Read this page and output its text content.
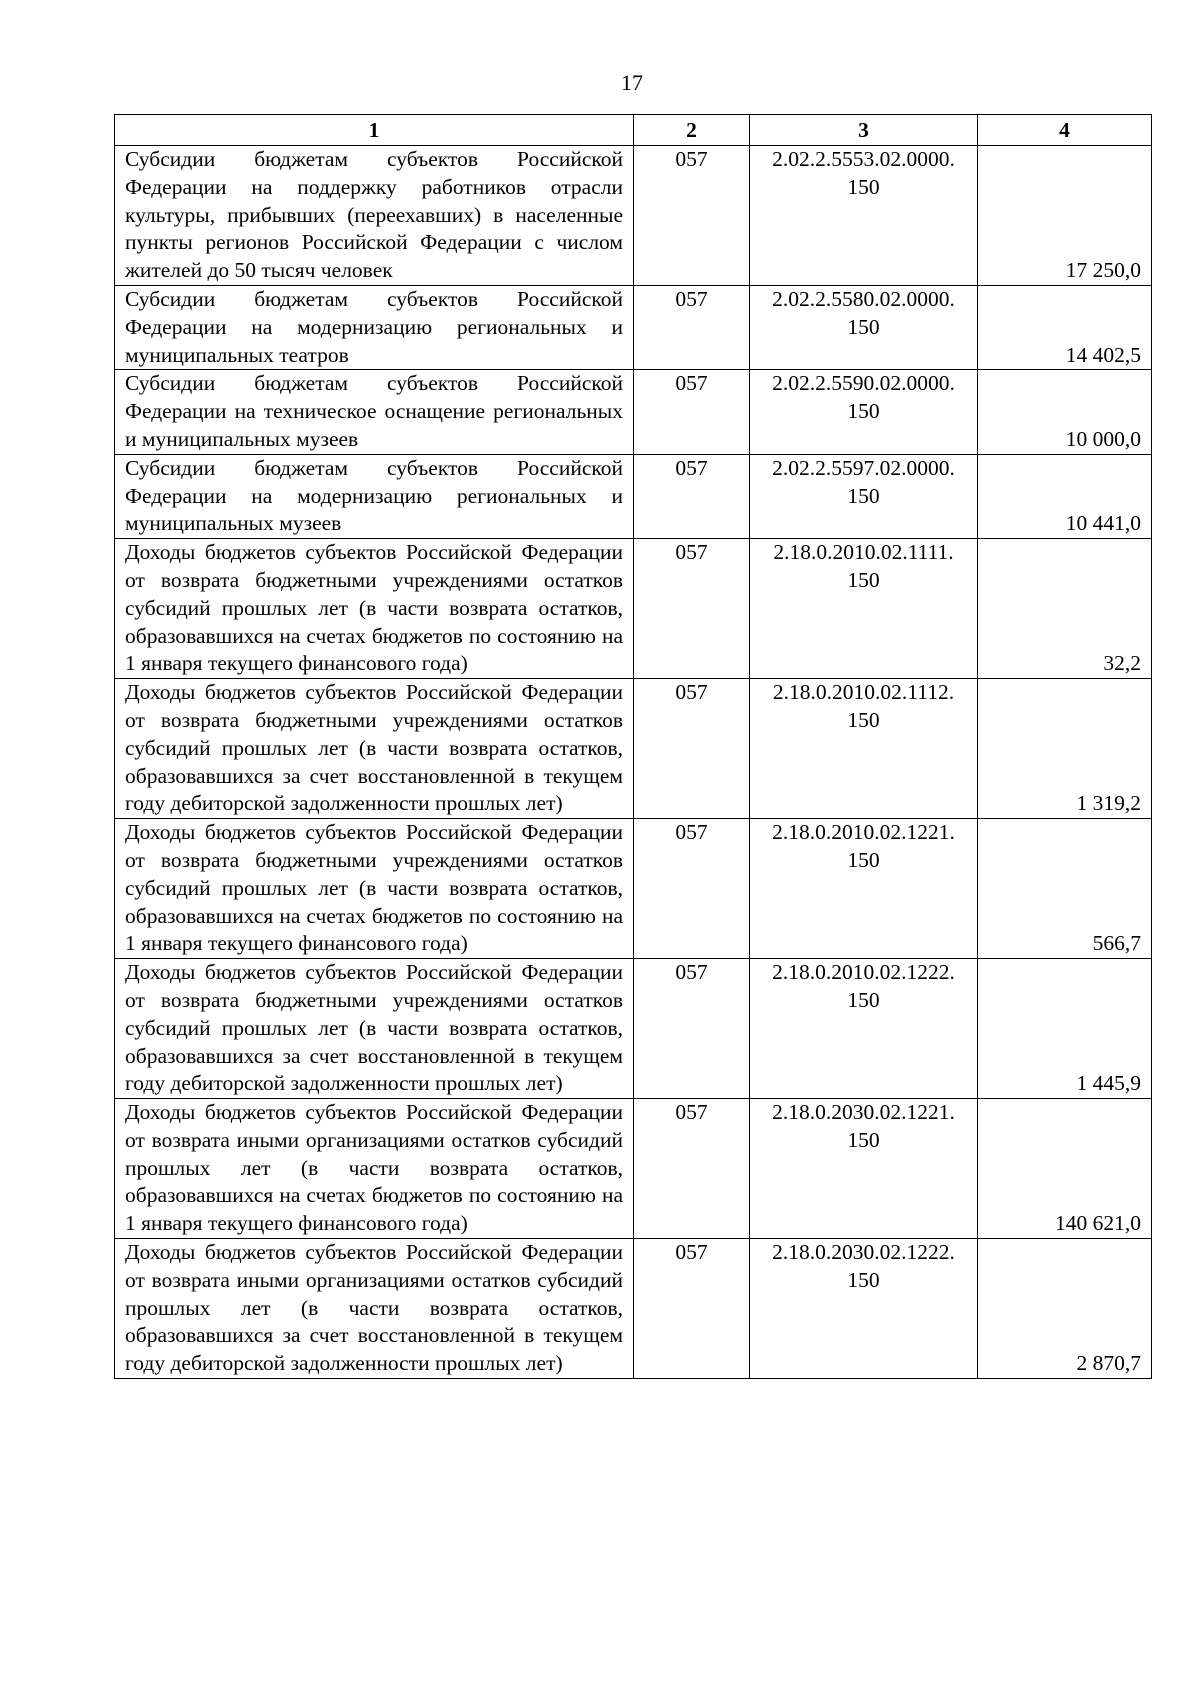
17
1	2	3	4
Субсидии бюджетам субъектов Российской Федерации на поддержку работников отрасли культуры, прибывших (переехавших) в населенные пункты регионов Российской Федерации с числом жителей до 50 тысяч человек	057	2.02.2.5553.02.0000. 150	17 250,0
Субсидии бюджетам субъектов Российской Федерации на модернизацию региональных и муниципальных театров	057	2.02.2.5580.02.0000. 150	14 402,5
Субсидии бюджетам субъектов Российской Федерации на техническое оснащение региональных и муниципальных музеев	057	2.02.2.5590.02.0000. 150	10 000,0
Субсидии бюджетам субъектов Российской Федерации на модернизацию региональных и муниципальных музеев	057	2.02.2.5597.02.0000. 150	10 441,0
Доходы бюджетов субъектов Российской Федерации от возврата бюджетными учреждениями остатков субсидий прошлых лет (в части возврата остатков, образовавшихся на счетах бюджетов по состоянию на 1 января текущего финансового года)	057	2.18.0.2010.02.1111. 150	32,2
Доходы бюджетов субъектов Российской Федерации от возврата бюджетными учреждениями остатков субсидий прошлых лет (в части возврата остатков, образовавшихся за счет восстановленной в текущем году дебиторской задолженности прошлых лет)	057	2.18.0.2010.02.1112. 150	1 319,2
Доходы бюджетов субъектов Российской Федерации от возврата бюджетными учреждениями остатков субсидий прошлых лет (в части возврата остатков, образовавшихся на счетах бюджетов по состоянию на 1 января текущего финансового года)	057	2.18.0.2010.02.1221. 150	566,7
Доходы бюджетов субъектов Российской Федерации от возврата бюджетными учреждениями остатков субсидий прошлых лет (в части возврата остатков, образовавшихся за счет восстановленной в текущем году дебиторской задолженности прошлых лет)	057	2.18.0.2010.02.1222. 150	1 445,9
Доходы бюджетов субъектов Российской Федерации от возврата иными организациями остатков субсидий прошлых лет (в части возврата остатков, образовавшихся на счетах бюджетов по состоянию на 1 января текущего финансового года)	057	2.18.0.2030.02.1221. 150	140 621,0
Доходы бюджетов субъектов Российской Федерации от возврата иными организациями остатков субсидий прошлых лет (в части возврата остатков, образовавшихся за счет восстановленной в текущем году дебиторской задолженности прошлых лет)	057	2.18.0.2030.02.1222. 150	2 870,7
